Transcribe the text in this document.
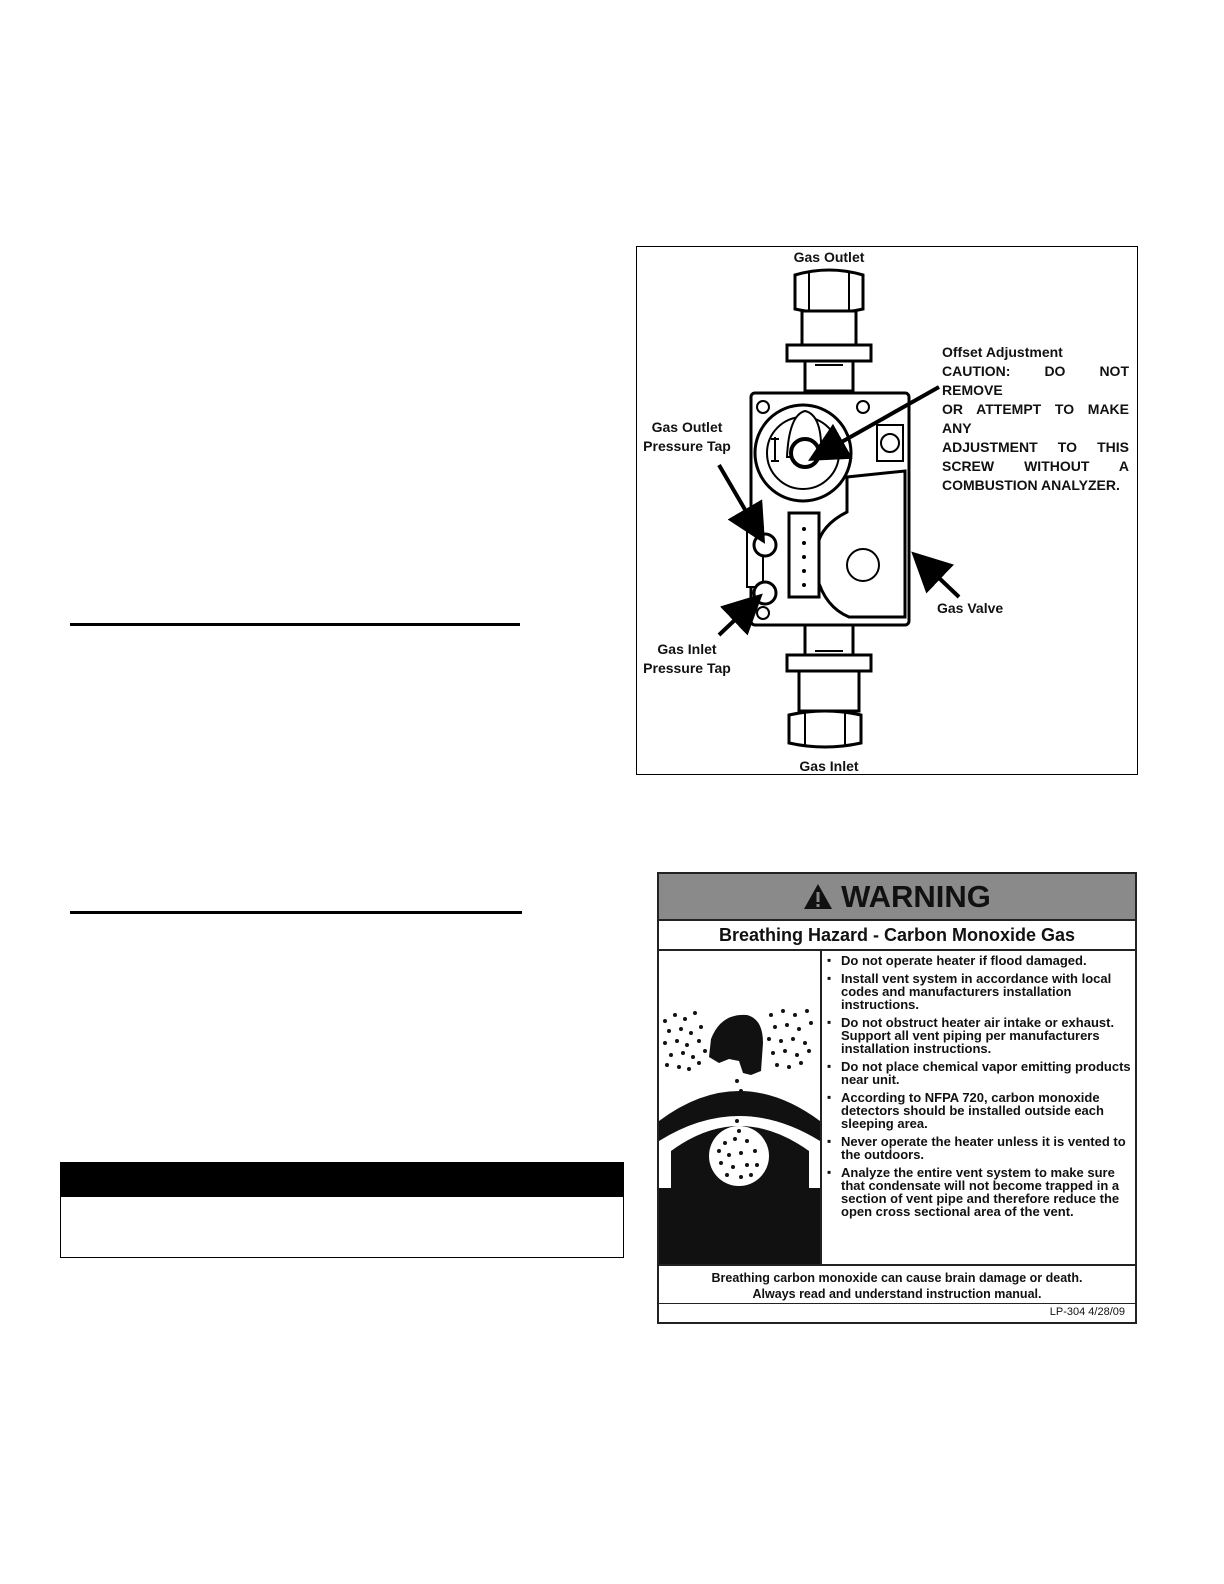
Gas Outlet
Gas Inlet
Gas Valve
Gas Outlet
Pressure Tap
Gas Inlet
Pressure Tap
Offset Adjustment
CAUTION: DO NOT REMOVE
OR ATTEMPT TO MAKE ANY
ADJUSTMENT TO THIS
SCREW WITHOUT A
COMBUSTION ANALYZER.
WARNING
Breathing Hazard - Carbon Monoxide Gas
▪ Do not operate heater if flood damaged.
▪ Install vent system in accordance with local codes and manufacturers installation instructions.
▪ Do not obstruct heater air intake or exhaust. Support all vent piping per manufacturers installation instructions.
▪ Do not place chemical vapor emitting products near unit.
▪ According to NFPA 720, carbon monoxide detectors should be installed outside each sleeping area.
▪ Never operate the heater unless it is vented to the outdoors.
▪ Analyze the entire vent system to make sure that condensate will not become trapped in a section of vent pipe and therefore reduce the open cross sectional area of the vent.
Breathing carbon monoxide can cause brain damage or death.
Always read and understand instruction manual.
LP-304 4/28/09
